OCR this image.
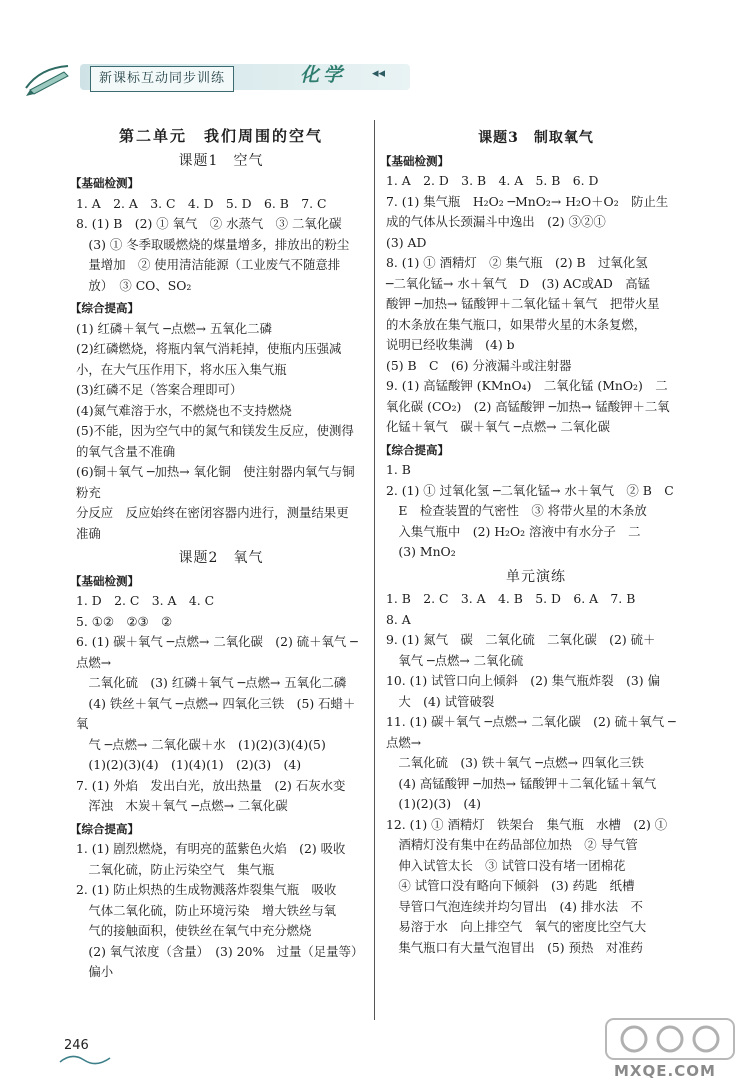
新课标互动同步训练	化学	◂◂
第二单元　我们周围的空气
课题1　空气
【基础检测】
1. A　2. A　3. C　4. D　5. D　6. B　7. C
8. (1) B　(2) ① 氧气　② 水蒸气　③ 二氧化碳
　(3) ① 冬季取暖燃烧的煤量增多，排放出的粉尘
　量增加　② 使用清洁能源（工业废气不随意排
　放）　③ CO、SO₂
【综合提高】
(1) 红磷＋氧气 ─点燃→ 五氧化二磷
(2)红磷燃烧，将瓶内氧气消耗掉，使瓶内压强减
小，在大气压作用下，将水压入集气瓶
(3)红磷不足（答案合理即可）
(4)氮气难溶于水，不燃烧也不支持燃烧
(5)不能，因为空气中的氮气和镁发生反应，使测得
的氧气含量不准确
(6)铜＋氧气 ─加热→ 氧化铜　使注射器内氧气与铜粉充
分反应　反应始终在密闭容器内进行，测量结果更
准确
课题2　氧气
【基础检测】
1. D　2. C　3. A　4. C
5. ①②　②③　②
6. (1) 碳＋氧气 ─点燃→ 二氧化碳　(2) 硫＋氧气 ─点燃→
　二氧化硫　(3) 红磷＋氧气 ─点燃→ 五氧化二磷
　(4) 铁丝＋氧气 ─点燃→ 四氧化三铁　(5) 石蜡＋氧
　气 ─点燃→ 二氧化碳＋水　(1)(2)(3)(4)(5)
　(1)(2)(3)(4)　(1)(4)(1)　(2)(3)　(4)
7. (1) 外焰　发出白光，放出热量　(2) 石灰水变
　浑浊　木炭＋氧气 ─点燃→ 二氧化碳
【综合提高】
1. (1) 剧烈燃烧，有明亮的蓝紫色火焰　(2) 吸收
　二氧化硫，防止污染空气　集气瓶
2. (1) 防止炽热的生成物溅落炸裂集气瓶　吸收
　气体二氧化硫，防止环境污染　增大铁丝与氧
　气的接触面积，使铁丝在氧气中充分燃烧
　(2) 氧气浓度（含量）　(3) 20%　过量（足量等）
　偏小
课题3　制取氧气
【基础检测】
1. A　2. D　3. B　4. A　5. B　6. D
7. (1) 集气瓶　H₂O₂ ─MnO₂→ H₂O＋O₂　防止生
成的气体从长颈漏斗中逸出　(2) ③②①
(3) AD
8. (1) ① 酒精灯　② 集气瓶　(2) B　过氧化氢
─二氧化锰→ 水＋氧气　D　(3) AC或AD　高锰
酸钾 ─加热→ 锰酸钾＋二氧化锰＋氧气　把带火星
的木条放在集气瓶口，如果带火星的木条复燃，
说明已经收集满　(4) b
(5) B　C　(6) 分液漏斗或注射器
9. (1) 高锰酸钾 (KMnO₄)　二氧化锰 (MnO₂)　二
氧化碳 (CO₂)　(2) 高锰酸钾 ─加热→ 锰酸钾＋二氧
化锰＋氧气　碳＋氧气 ─点燃→ 二氧化碳
【综合提高】
1. B
2. (1) ① 过氧化氢 ─二氧化锰→ 水＋氧气　② B　C
　E　检查装置的气密性　③ 将带火星的木条放
　入集气瓶中　(2) H₂O₂ 溶液中有水分子　二
　(3) MnO₂
单元演练
1. B　2. C　3. A　4. B　5. D　6. A　7. B
8. A
9. (1) 氮气　碳　二氧化硫　二氧化碳　(2) 硫＋
　氧气 ─点燃→ 二氧化硫
10. (1) 试管口向上倾斜　(2) 集气瓶炸裂　(3) 偏
　大　(4) 试管破裂
11. (1) 碳＋氧气 ─点燃→ 二氧化碳　(2) 硫＋氧气 ─点燃→
　二氧化硫　(3) 铁＋氧气 ─点燃→ 四氧化三铁
　(4) 高锰酸钾 ─加热→ 锰酸钾＋二氧化锰＋氧气
　(1)(2)(3)　(4)
12. (1) ① 酒精灯　铁架台　集气瓶　水槽　(2) ①
　酒精灯没有集中在药品部位加热　② 导气管
　伸入试管太长　③ 试管口没有堵一团棉花
　④ 试管口没有略向下倾斜　(3) 药匙　纸槽
　导管口气泡连续并均匀冒出　(4) 排水法　不
　易溶于水　向上排空气　氧气的密度比空气大
　集气瓶口有大量气泡冒出　(5) 预热　对准药
246
MXQE.COM
